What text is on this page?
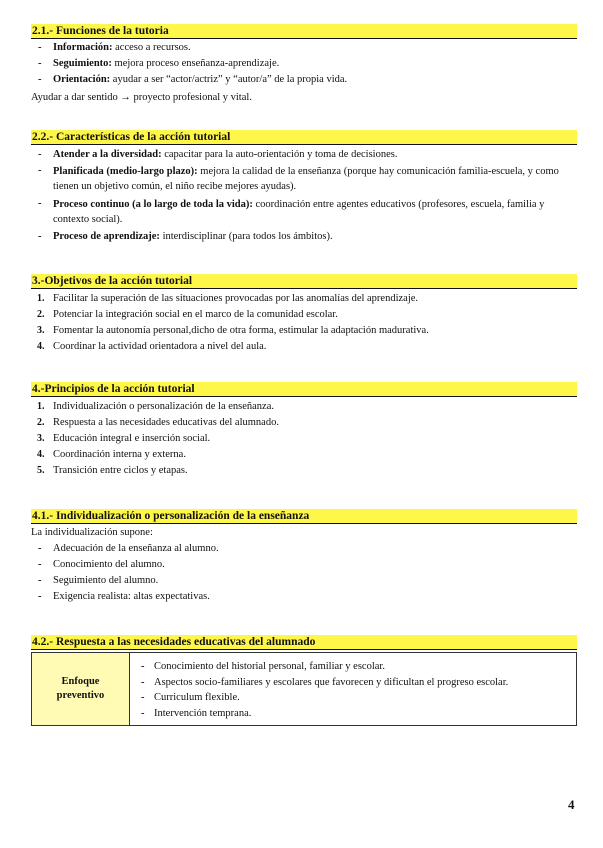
2.1.- Funciones de la tutoria
- Información: acceso a recursos.
- Seguimiento: mejora proceso enseñanza-aprendizaje.
- Orientación: ayudar a ser “actor/actriz” y “autor/a” de la propia vida.
Ayudar a dar sentido → proyecto profesional y vital.
2.2.- Características de la acción tutorial
- Atender a la diversidad: capacitar para la auto-orientación y toma de decisiones.
- Planificada (medio-largo plazo): mejora la calidad de la enseñanza (porque hay comunicación familia-escuela, y como tienen un objetivo común, el niño recibe mejores ayudas).
- Proceso continuo (a lo largo de toda la vida): coordinación entre agentes educativos (profesores, escuela, familia y contexto social).
- Proceso de aprendizaje: interdisciplinar (para todos los ámbitos).
3.-Objetivos de la acción tutorial
1. Facilitar la superación de las situaciones provocadas por las anomalías del aprendizaje.
2. Potenciar la integración social en el marco de la comunidad escolar.
3. Fomentar la autonomía personal,dicho de otra forma, estimular la adaptación madurativa.
4. Coordinar la actividad orientadora a nivel del aula.
4.-Principios de la acción tutorial
1. Individualización o personalización de la enseñanza.
2. Respuesta a las necesidades educativas del alumnado.
3. Educación integral e inserción social.
4. Coordinación interna y externa.
5. Transición entre ciclos y etapas.
4.1.- Individualización o personalización de la enseñanza
La individualización supone:
- Adecuación de la enseñanza al alumno.
- Conocimiento del alumno.
- Seguimiento del alumno.
- Exigencia realista: altas expectativas.
4.2.- Respuesta a las necesidades educativas del alumnado
Enfoque preventivo	
- Conocimiento del historial personal, familiar y escolar.
- Aspectos socio-familiares y escolares que favorecen y dificultan el progreso escolar.
- Curriculum flexible.
- Intervención temprana.
4
